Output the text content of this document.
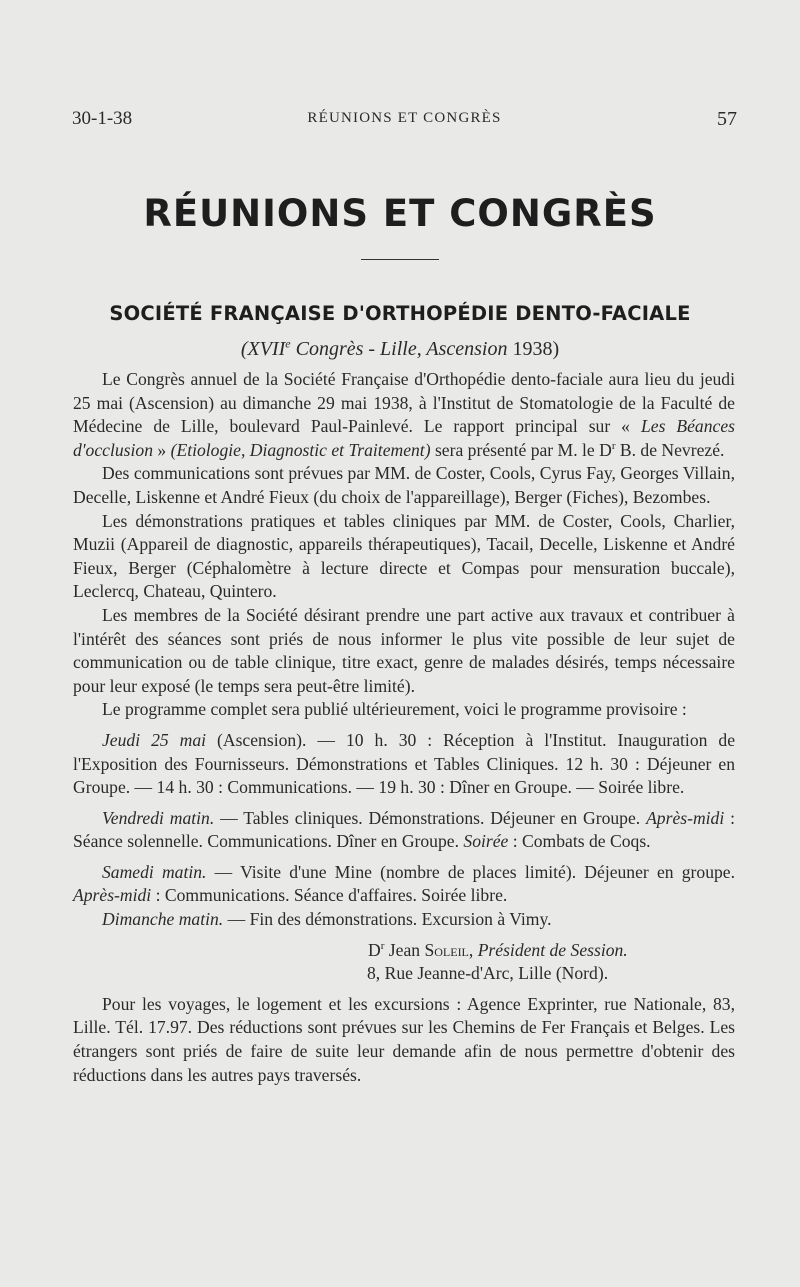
30-1-38	RÉUNIONS ET CONGRÈS	57
RÉUNIONS ET CONGRÈS
SOCIÉTÉ FRANÇAISE D'ORTHOPÉDIE DENTO-FACIALE
(XVIIe Congrès - Lille, Ascension 1938)

Le Congrès annuel de la Société Française d'Orthopédie dento-faciale aura lieu du jeudi 25 mai (Ascension) au dimanche 29 mai 1938, à l'Institut de Stomatologie de la Faculté de Médecine de Lille, boulevard Paul-Painlevé. Le rapport principal sur « Les Béances d'occlusion » (Etiologie, Diagnostic et Traitement) sera présenté par M. le $D^r$ B. de Nevrezé.

Des communications sont prévues par MM. de Coster, Cools, Cyrus Fay, Georges Villain, Decelle, Liskenne et André Fieux (du choix de l'appareillage), Berger (Fiches), Bezombes.

Les démonstrations pratiques et tables cliniques par MM. de Coster, Cools, Charlier, Muzii (Appareil de diagnostic, appareils thérapeutiques), Tacail, Decelle, Liskenne et André Fieux, Berger (Céphalomètre à lecture directe et Compas pour mensuration buccale), Leclercq, Chateau, Quintero.

Les membres de la Société désirant prendre une part active aux travaux et contribuer à l'intérêt des séances sont priés de nous informer le plus vite possible de leur sujet de communication ou de table clinique, titre exact, genre de malades désirés, temps nécessaire pour leur exposé (le temps sera peut-être limité).

Le programme complet sera publié ultérieurement, voici le programme provisoire :

Jeudi 25 mai (Ascension). — 10 h. 30 : Réception à l'Institut. Inauguration de l'Exposition des Fournisseurs. Démonstrations et Tables Cliniques. 12 h. 30 : Déjeuner en Groupe. — 14 h. 30 : Communications. — 19 h. 30 : Dîner en Groupe. — Soirée libre.

Vendredi matin. — Tables cliniques. Démonstrations. Déjeuner en Groupe. Après-midi : Séance solennelle. Communications. Dîner en Groupe. Soirée : Combats de Coqs.

Samedi matin. — Visite d'une Mine (nombre de places limité). Déjeuner en groupe. Après-midi : Communications. Séance d'affaires. Soirée libre.

Dimanche matin. — Fin des démonstrations. Excursion à Vimy.

$D^r$ Jean Soleil, Président de Session.

8, Rue Jeanne-d'Arc, Lille (Nord).

Pour les voyages, le logement et les excursions : Agence Exprinter, rue Nationale, 83, Lille. Tél. 17.97. Des réductions sont prévues sur les Chemins de Fer Français et Belges. Les étrangers sont priés de faire de suite leur demande afin de nous permettre d'obtenir des réductions dans les autres pays traversés.
